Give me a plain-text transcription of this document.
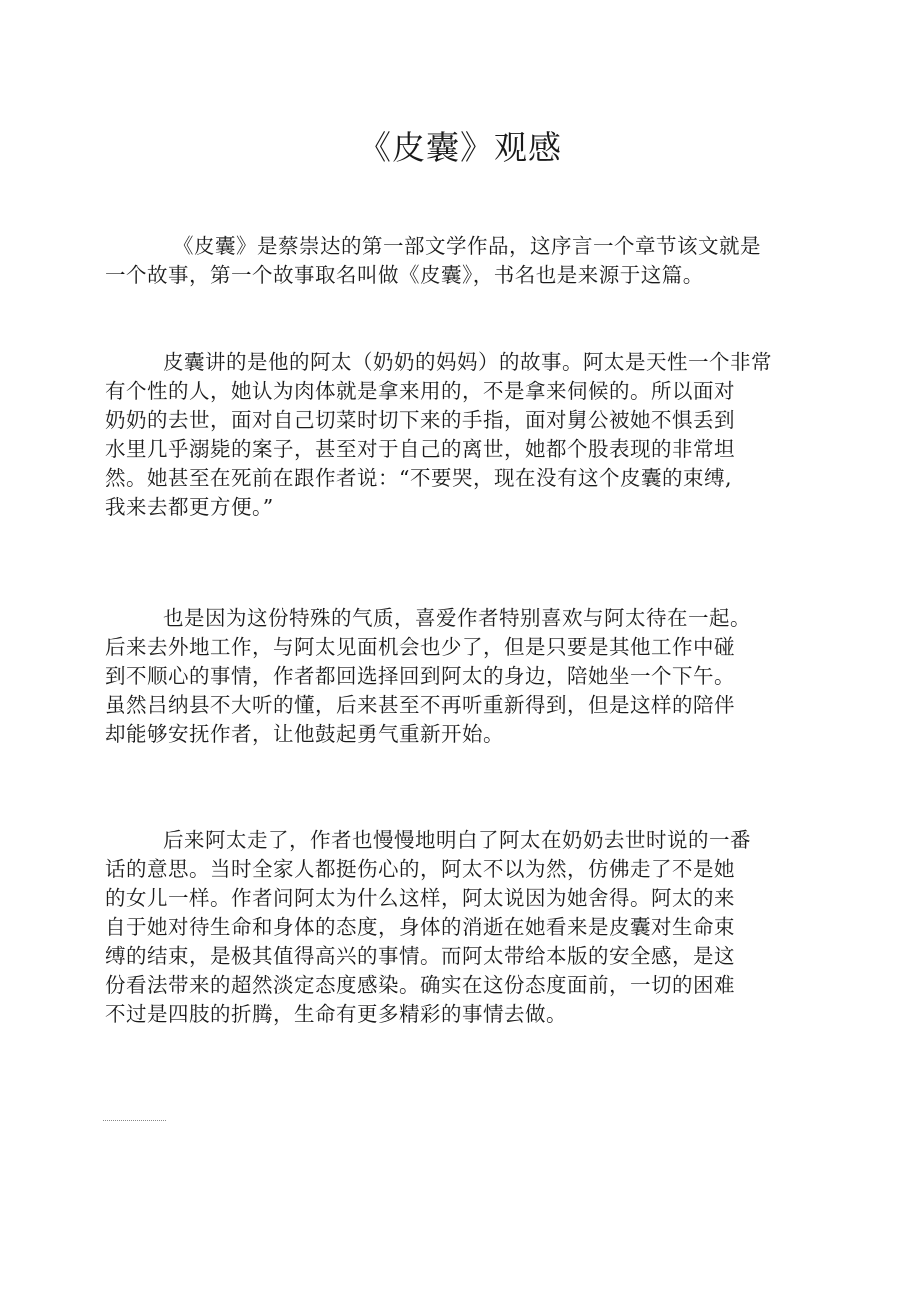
《皮囊》观感
《皮囊》是蔡崇达的第一部文学作品，这序言一个章节该文就是
一个故事，第一个故事取名叫做《皮囊》，书名也是来源于这篇。
皮囊讲的是他的阿太（奶奶的妈妈）的故事。阿太是天性一个非常
有个性的人，她认为肉体就是拿来用的，不是拿来伺候的。所以面对
奶奶的去世，面对自己切菜时切下来的手指，面对舅公被她不惧丢到
水里几乎溺毙的案子，甚至对于自己的离世，她都个股表现的非常坦
然。她甚至在死前在跟作者说：“不要哭，现在没有这个皮囊的束缚,
我来去都更方便。”
也是因为这份特殊的气质，喜爱作者特别喜欢与阿太待在一起。
后来去外地工作，与阿太见面机会也少了，但是只要是其他工作中碰
到不顺心的事情，作者都回选择回到阿太的身边，陪她坐一个下午。
虽然吕纳县不大听的懂，后来甚至不再听重新得到，但是这样的陪伴
却能够安抚作者，让他鼓起勇气重新开始。
后来阿太走了，作者也慢慢地明白了阿太在奶奶去世时说的一番
话的意思。当时全家人都挺伤心的，阿太不以为然，仿佛走了不是她
的女儿一样。作者问阿太为什么这样，阿太说因为她舍得。阿太的来
自于她对待生命和身体的态度，身体的消逝在她看来是皮囊对生命束
缚的结束，是极其值得高兴的事情。而阿太带给本版的安全感，是这
份看法带来的超然淡定态度感染。确实在这份态度面前，一切的困难
不过是四肢的折腾，生命有更多精彩的事情去做。
